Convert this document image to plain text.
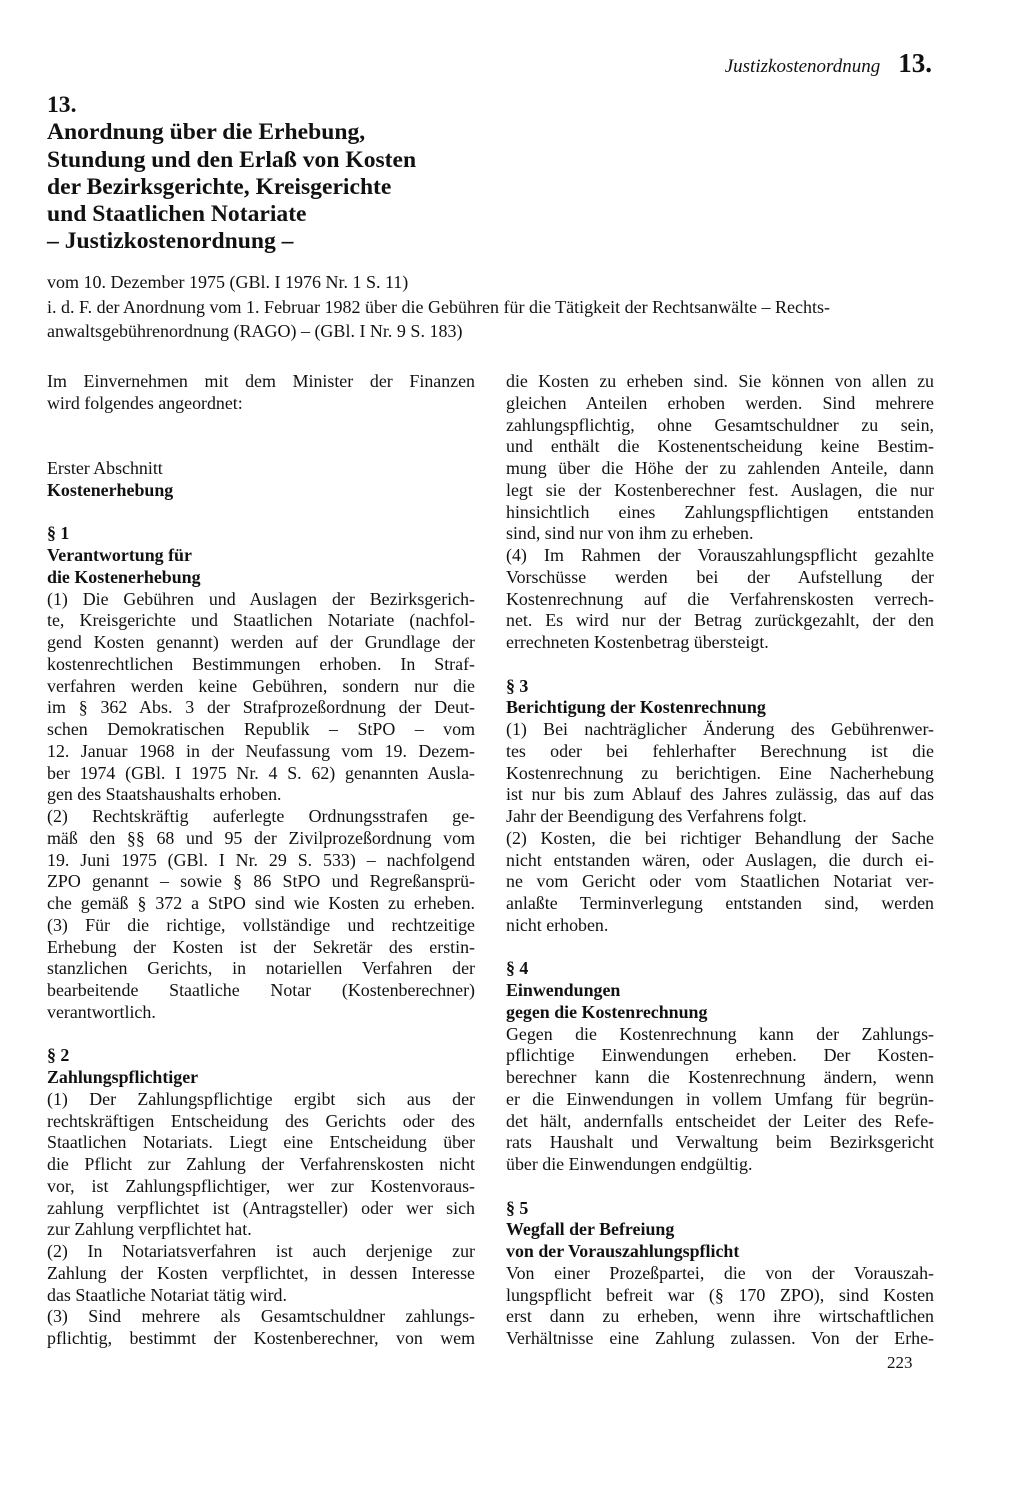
Justizkostenordnung 13.
13.
Anordnung über die Erhebung,
Stundung und den Erlaß von Kosten
der Bezirksgerichte, Kreisgerichte
und Staatlichen Notariate
– Justizkostenordnung –
vom 10. Dezember 1975 (GBl. I 1976 Nr. 1 S. 11)
i. d. F. der Anordnung vom 1. Februar 1982 über die Gebühren für die Tätigkeit der Rechtsanwälte – Rechts-
anwaltsgebührenordnung (RAGO) – (GBl. I Nr. 9 S. 183)
Im Einvernehmen mit dem Minister der Finanzen
wird folgendes angeordnet:
Erster Abschnitt
Kostenerhebung
§ 1
Verantwortung für
die Kostenerhebung
(1) Die Gebühren und Auslagen der Bezirksgerich-
te, Kreisgerichte und Staatlichen Notariate (nachfol-
gend Kosten genannt) werden auf der Grundlage der
kostenrechtlichen Bestimmungen erhoben. In Straf-
verfahren werden keine Gebühren, sondern nur die
im § 362 Abs. 3 der Strafprozeßordnung der Deut-
schen Demokratischen Republik – StPO – vom
12. Januar 1968 in der Neufassung vom 19. Dezem-
ber 1974 (GBl. I 1975 Nr. 4 S. 62) genannten Ausla-
gen des Staatshaushalts erhoben.
(2) Rechtskräftig auferlegte Ordnungsstrafen ge-
mäß den §§ 68 und 95 der Zivilprozeßordnung vom
19. Juni 1975 (GBl. I Nr. 29 S. 533) – nachfolgend
ZPO genannt – sowie § 86 StPO und Regreßansprü-
che gemäß § 372 a StPO sind wie Kosten zu erheben.
(3) Für die richtige, vollständige und rechtzeitige
Erhebung der Kosten ist der Sekretär des erstin-
stanzlichen Gerichts, in notariellen Verfahren der
bearbeitende Staatliche Notar (Kostenberechner)
verantwortlich.
§ 2
Zahlungspflichtiger
(1) Der Zahlungspflichtige ergibt sich aus der
rechtskräftigen Entscheidung des Gerichts oder des
Staatlichen Notariats. Liegt eine Entscheidung über
die Pflicht zur Zahlung der Verfahrenskosten nicht
vor, ist Zahlungspflichtiger, wer zur Kostenvoraus-
zahlung verpflichtet ist (Antragsteller) oder wer sich
zur Zahlung verpflichtet hat.
(2) In Notariatsverfahren ist auch derjenige zur
Zahlung der Kosten verpflichtet, in dessen Interesse
das Staatliche Notariat tätig wird.
(3) Sind mehrere als Gesamtschuldner zahlungs-
pflichtig, bestimmt der Kostenberechner, von wem
die Kosten zu erheben sind. Sie können von allen zu
gleichen Anteilen erhoben werden. Sind mehrere
zahlungspflichtig, ohne Gesamtschuldner zu sein,
und enthält die Kostenentscheidung keine Bestim-
mung über die Höhe der zu zahlenden Anteile, dann
legt sie der Kostenberechner fest. Auslagen, die nur
hinsichtlich eines Zahlungspflichtigen entstanden
sind, sind nur von ihm zu erheben.
(4) Im Rahmen der Vorauszahlungspflicht gezahlte
Vorschüsse werden bei der Aufstellung der
Kostenrechnung auf die Verfahrenskosten verrech-
net. Es wird nur der Betrag zurückgezahlt, der den
errechneten Kostenbetrag übersteigt.
§ 3
Berichtigung der Kostenrechnung
(1) Bei nachträglicher Änderung des Gebührenwer-
tes oder bei fehlerhafter Berechnung ist die
Kostenrechnung zu berichtigen. Eine Nacherhebung
ist nur bis zum Ablauf des Jahres zulässig, das auf das
Jahr der Beendigung des Verfahrens folgt.
(2) Kosten, die bei richtiger Behandlung der Sache
nicht entstanden wären, oder Auslagen, die durch ei-
ne vom Gericht oder vom Staatlichen Notariat ver-
anlaßte Terminverlegung entstanden sind, werden
nicht erhoben.
§ 4
Einwendungen
gegen die Kostenrechnung
Gegen die Kostenrechnung kann der Zahlungs-
pflichtige Einwendungen erheben. Der Kosten-
berechner kann die Kostenrechnung ändern, wenn
er die Einwendungen in vollem Umfang für begrün-
det hält, andernfalls entscheidet der Leiter des Refe-
rats Haushalt und Verwaltung beim Bezirksgericht
über die Einwendungen endgültig.
§ 5
Wegfall der Befreiung
von der Vorauszahlungspflicht
Von einer Prozeßpartei, die von der Vorauszah-
lungspflicht befreit war (§ 170 ZPO), sind Kosten
erst dann zu erheben, wenn ihre wirtschaftlichen
Verhältnisse eine Zahlung zulassen. Von der Erhe-
223
